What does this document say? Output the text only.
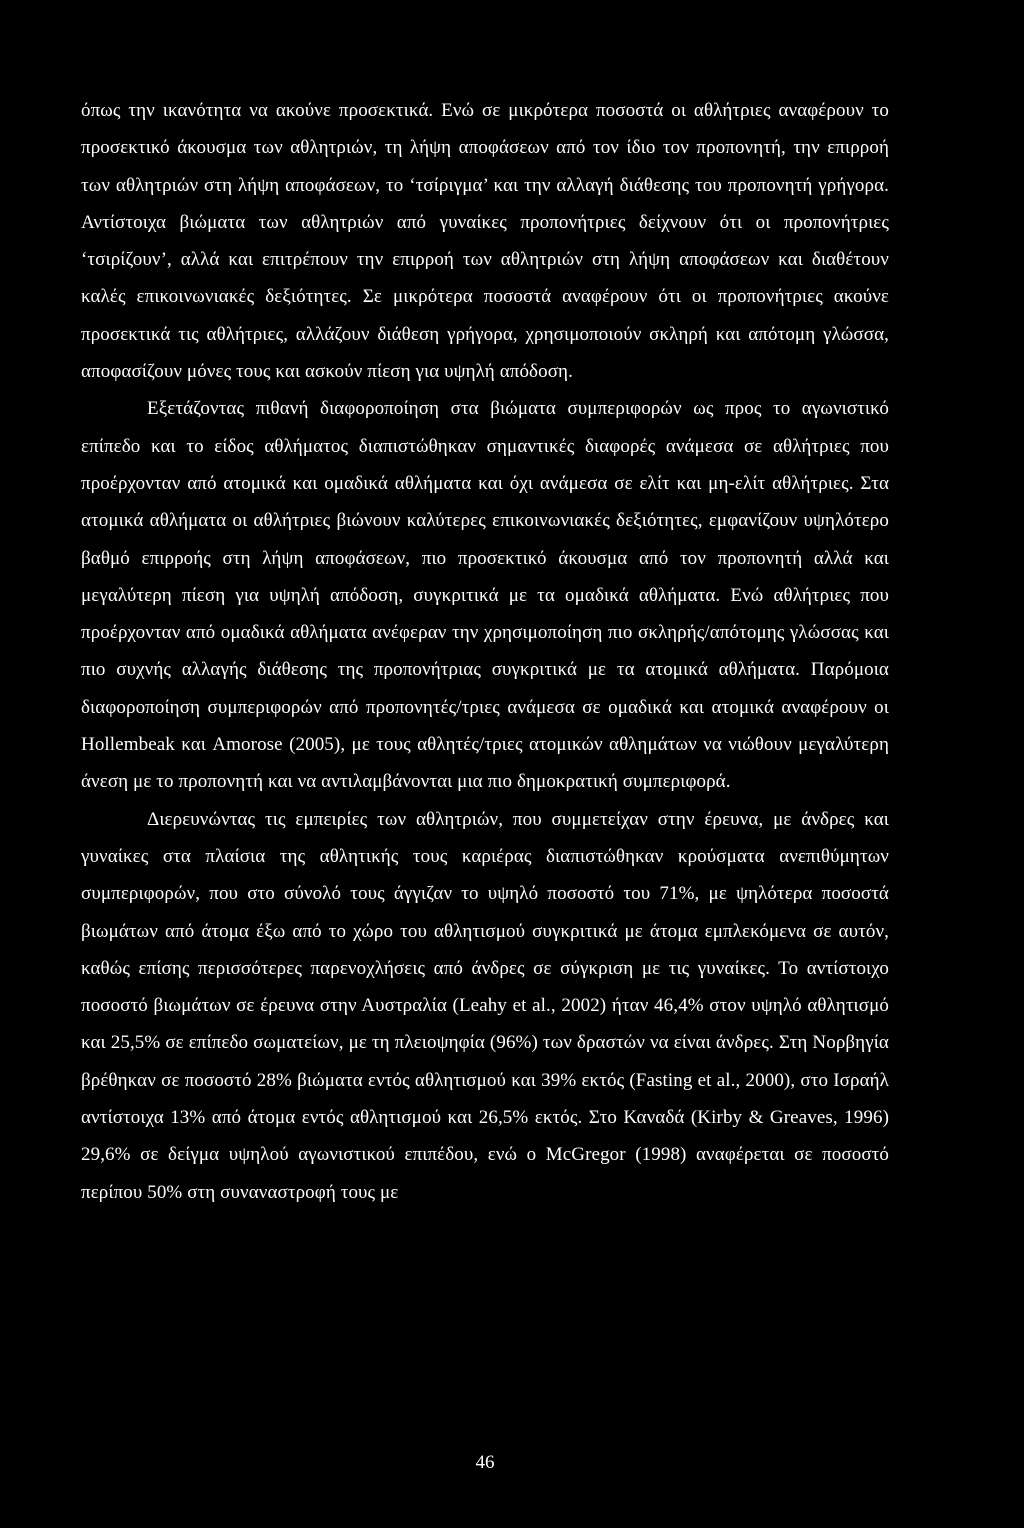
όπως την ικανότητα να ακούνε προσεκτικά. Ενώ σε μικρότερα ποσοστά οι αθλήτριες αναφέρουν το προσεκτικό άκουσμα των αθλητριών, τη λήψη αποφάσεων από τον ίδιο τον προπονητή, την επιρροή των αθλητριών στη λήψη αποφάσεων, το ‘τσίριγμα’ και την αλλαγή διάθεσης του προπονητή γρήγορα. Αντίστοιχα βιώματα των αθλητριών από γυναίκες προπονήτριες δείχνουν ότι οι προπονήτριες ‘τσιρίζουν’, αλλά και επιτρέπουν την επιρροή των αθλητριών στη λήψη αποφάσεων και διαθέτουν καλές επικοινωνιακές δεξιότητες. Σε μικρότερα ποσοστά αναφέρουν ότι οι προπονήτριες ακούνε προσεκτικά τις αθλήτριες, αλλάζουν διάθεση γρήγορα, χρησιμοποιούν σκληρή και απότομη γλώσσα, αποφασίζουν μόνες τους και ασκούν πίεση για υψηλή απόδοση.

Εξετάζοντας πιθανή διαφοροποίηση στα βιώματα συμπεριφορών ως προς το αγωνιστικό επίπεδο και το είδος αθλήματος διαπιστώθηκαν σημαντικές διαφορές ανάμεσα σε αθλήτριες που προέρχονταν από ατομικά και ομαδικά αθλήματα και όχι ανάμεσα σε ελίτ και μη-ελίτ αθλήτριες. Στα ατομικά αθλήματα οι αθλήτριες βιώνουν καλύτερες επικοινωνιακές δεξιότητες, εμφανίζουν υψηλότερο βαθμό επιρροής στη λήψη αποφάσεων, πιο προσεκτικό άκουσμα από τον προπονητή αλλά και μεγαλύτερη πίεση για υψηλή απόδοση, συγκριτικά με τα ομαδικά αθλήματα. Ενώ αθλήτριες που προέρχονταν από ομαδικά αθλήματα ανέφεραν την χρησιμοποίηση πιο σκληρής/απότομης γλώσσας και πιο συχνής αλλαγής διάθεσης της προπονήτριας συγκριτικά με τα ατομικά αθλήματα. Παρόμοια διαφοροποίηση συμπεριφορών από προπονητές/τριες ανάμεσα σε ομαδικά και ατομικά αναφέρουν οι Hollembeak και Amorose (2005), με τους αθλητές/τριες ατομικών αθλημάτων να νιώθουν μεγαλύτερη άνεση με το προπονητή και να αντιλαμβάνονται μια πιο δημοκρατική συμπεριφορά.

Διερευνώντας τις εμπειρίες των αθλητριών, που συμμετείχαν στην έρευνα, με άνδρες και γυναίκες στα πλαίσια της αθλητικής τους καριέρας διαπιστώθηκαν κρούσματα ανεπιθύμητων συμπεριφορών, που στο σύνολό τους άγγιζαν το υψηλό ποσοστό του 71%, με ψηλότερα ποσοστά βιωμάτων από άτομα έξω από το χώρο του αθλητισμού συγκριτικά με άτομα εμπλεκόμενα σε αυτόν, καθώς επίσης περισσότερες παρενοχλήσεις από άνδρες σε σύγκριση με τις γυναίκες. Το αντίστοιχο ποσοστό βιωμάτων σε έρευνα στην Αυστραλία (Leahy et al., 2002) ήταν 46,4% στον υψηλό αθλητισμό και 25,5% σε επίπεδο σωματείων, με τη πλειοψηφία (96%) των δραστών να είναι άνδρες. Στη Νορβηγία βρέθηκαν σε ποσοστό 28% βιώματα εντός αθλητισμού και 39% εκτός (Fasting et al., 2000), στο Ισραήλ αντίστοιχα 13% από άτομα εντός αθλητισμού και 26,5% εκτός. Στο Καναδά (Kirby & Greaves, 1996) 29,6% σε δείγμα υψηλού αγωνιστικού επιπέδου, ενώ ο McGregor (1998) αναφέρεται σε ποσοστό περίπου 50% στη συναναστροφή τους με

46
